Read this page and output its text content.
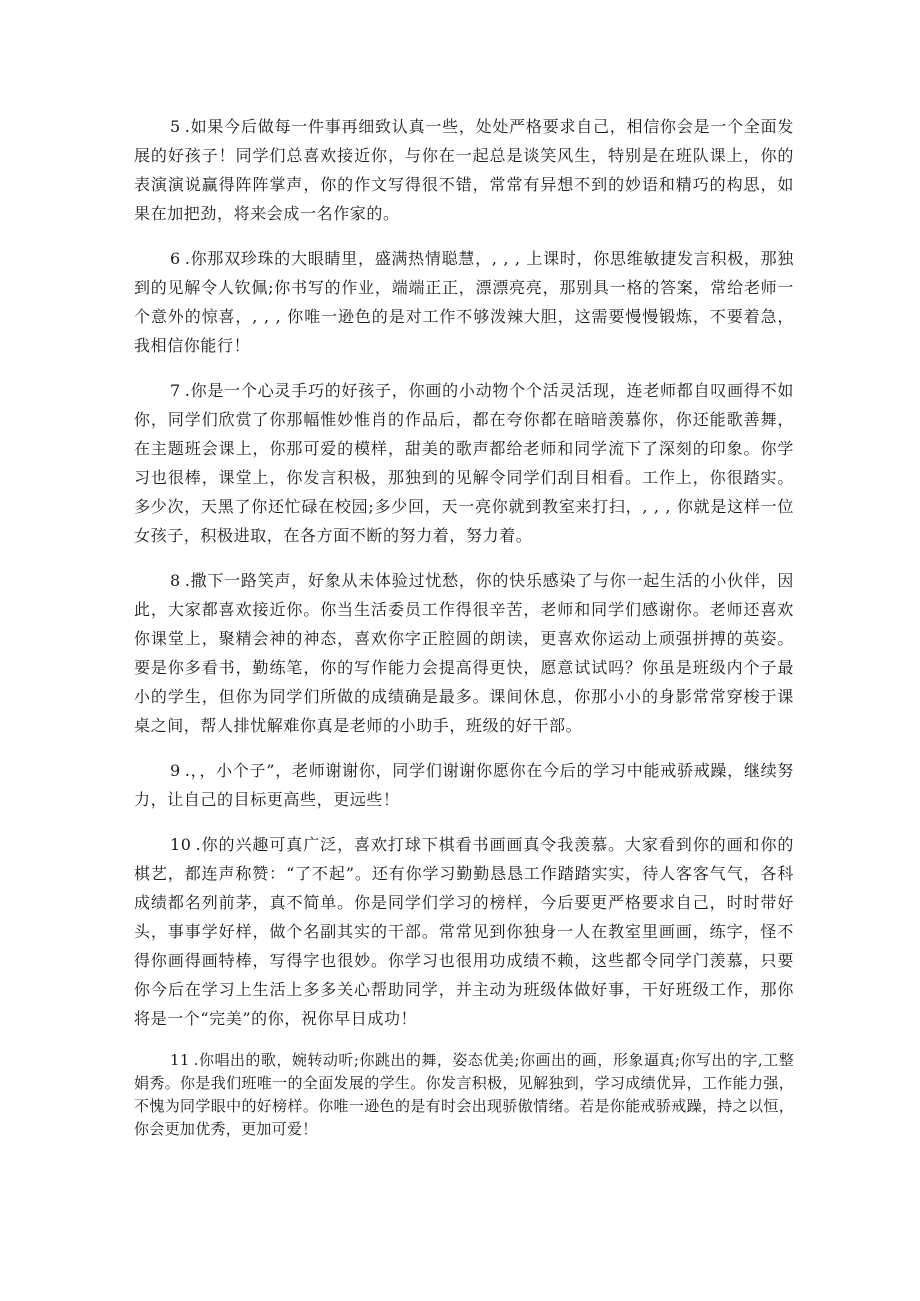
5 .如果今后做每一件事再细致认真一些，处处严格要求自己，相信你会是一个全面发展的好孩子！同学们总喜欢接近你，与你在一起总是谈笑风生，特别是在班队课上，你的表演演说赢得阵阵掌声，你的作文写得很不错，常常有异想不到的妙语和精巧的构思，如果在加把劲，将来会成一名作家的。

6 .你那双珍珠的大眼睛里，盛满热情聪慧，, , , 上课时，你思维敏捷发言积极，那独到的见解令人钦佩;你书写的作业，端端正正，漂漂亮亮，那别具一格的答案，常给老师一个意外的惊喜，, , , 你唯一逊色的是对工作不够泼辣大胆，这需要慢慢锻炼，不要着急，我相信你能行！

7 .你是一个心灵手巧的好孩子，你画的小动物个个活灵活现，连老师都自叹画得不如你，同学们欣赏了你那幅惟妙惟肖的作品后，都在夸你都在暗暗羡慕你，你还能歌善舞，在主题班会课上，你那可爱的模样，甜美的歌声都给老师和同学流下了深刻的印象。你学习也很棒，课堂上，你发言积极，那独到的见解令同学们刮目相看。工作上，你很踏实。多少次，天黑了你还忙碌在校园;多少回，天一亮你就到教室来打扫，, , , 你就是这样一位女孩子，积极进取，在各方面不断的努力着，努力着。

8 .撒下一路笑声，好象从未体验过忧愁，你的快乐感染了与你一起生活的小伙伴，因此，大家都喜欢接近你。你当生活委员工作得很辛苦，老师和同学们感谢你。老师还喜欢你课堂上，聚精会神的神态，喜欢你字正腔圆的朗读，更喜欢你运动上顽强拼搏的英姿。要是你多看书，勤练笔，你的写作能力会提高得更快，愿意试试吗？你虽是班级内个子最小的学生，但你为同学们所做的成绩确是最多。课间休息，你那小小的身影常常穿梭于课桌之间，帮人排忧解难你真是老师的小助手，班级的好干部。

9 .，，小个子”，老师谢谢你，同学们谢谢你愿你在今后的学习中能戒骄戒躁，继续努力，让自己的目标更高些，更远些！

10 .你的兴趣可真广泛，喜欢打球下棋看书画画真令我羡慕。大家看到你的画和你的棋艺，都连声称赞：“了不起”。还有你学习勤勤恳恳工作踏踏实实，待人客客气气，各科成绩都名列前茅，真不简单。你是同学们学习的榜样，今后要更严格要求自己，时时带好头，事事学好样，做个名副其实的干部。常常见到你独身一人在教室里画画，练字，怪不得你画得画特棒，写得字也很妙。你学习也很用功成绩不赖，这些都令同学门羡慕，只要你今后在学习上生活上多多关心帮助同学，并主动为班级体做好事，干好班级工作，那你将是一个“完美”的你，祝你早日成功！

11 .你唱出的歌，婉转动听;你跳出的舞，姿态优美;你画出的画，形象逼真;你写出的字,工整娟秀。你是我们班唯一的全面发展的学生。你发言积极，见解独到，学习成绩优异，工作能力强，不愧为同学眼中的好榜样。你唯一逊色的是有时会出现骄傲情绪。若是你能戒骄戒躁，持之以恒，你会更加优秀，更加可爱！
